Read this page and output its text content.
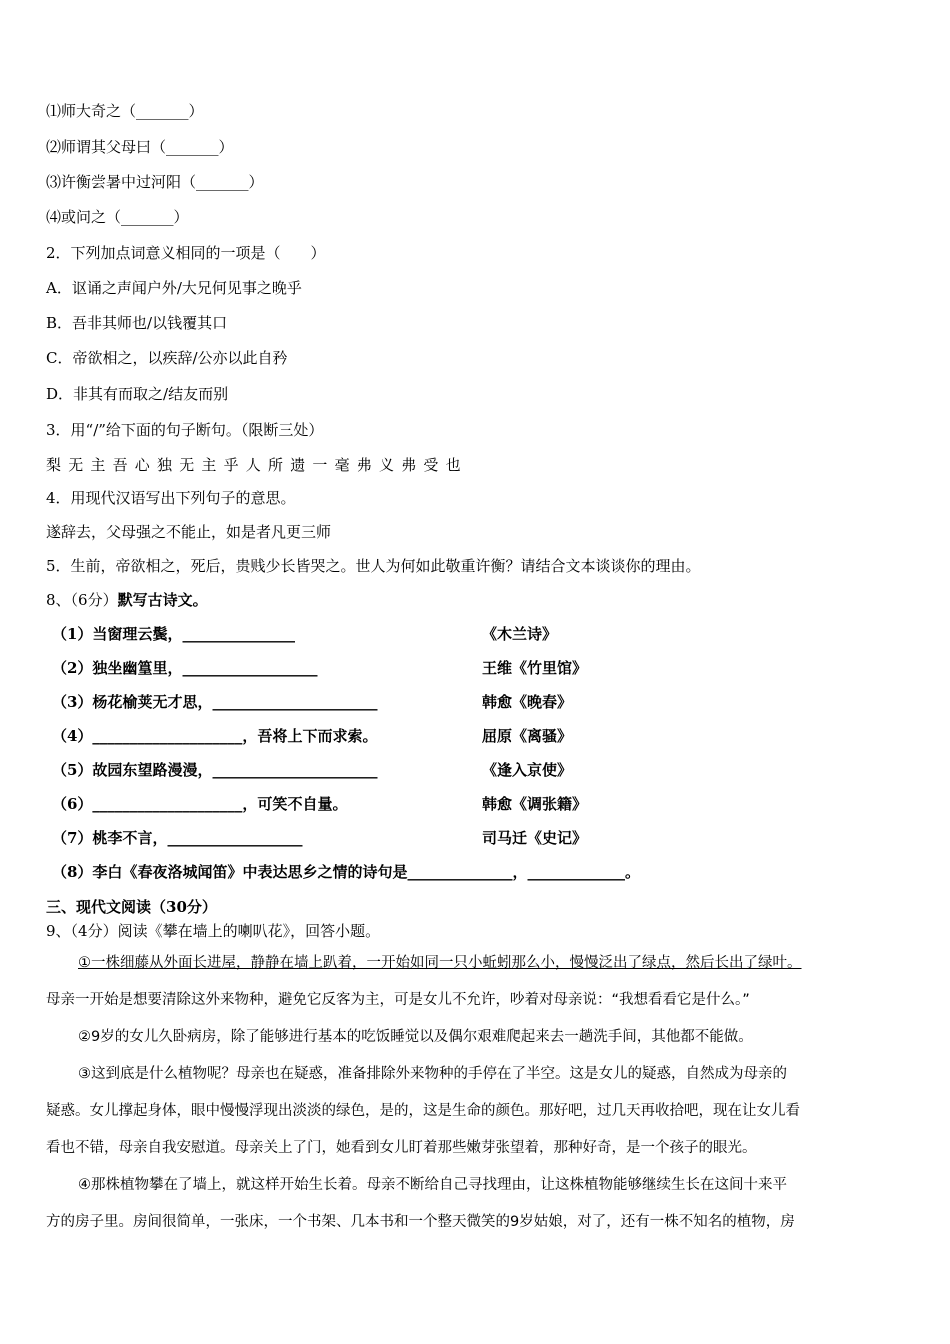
⑴师大奇之（_______）
⑵师谓其父母曰（_______）
⑶许衡尝暑中过河阳（_______）
⑷或问之（_______）
2．下列加点词意义相同的一项是（　　）
A．讴诵之声闻户外/大兄何见事之晚乎
B．吾非其师也/以钱覆其口
C．帝欲相之，以疾辞/公亦以此自矜
D．非其有而取之/结友而别
3．用“/”给下面的句子断句。（限断三处）
梨无主吾心独无主乎人所遗一毫弗义弗受也
4．用现代汉语写出下列句子的意思。
遂辞去，父母强之不能止，如是者凡更三师
5．生前，帝欲相之，死后，贵贱少长皆哭之。世人为何如此敬重许衡？请结合文本谈谈你的理由。
8、（6分）默写古诗文。
（1）当窗理云鬓，_______________	《木兰诗》
（2）独坐幽篁里，__________________	王维《竹里馆》
（3）杨花榆荚无才思，______________________	韩愈《晚春》
（4）____________________，吾将上下而求索。	屈原《离骚》
（5）故园东望路漫漫，______________________	《逢入京使》
（6）____________________，可笑不自量。	韩愈《调张籍》
（7）桃李不言，__________________	司马迁《史记》
（8）李白《春夜洛城闻笛》中表达思乡之情的诗句是______________，_____________。
三、现代文阅读（30分）
9、（4分）阅读《攀在墙上的喇叭花》，回答小题。
①一株细藤从外面长进屋，静静在墙上趴着，一开始如同一只小蚯蚓那么小，慢慢泛出了绿点，然后长出了绿叶。
母亲一开始是想要清除这外来物种，避免它反客为主，可是女儿不允许，吵着对母亲说：“我想看看它是什么。”
②9岁的女儿久卧病房，除了能够进行基本的吃饭睡觉以及偶尔艰难爬起来去一趟洗手间，其他都不能做。
③这到底是什么植物呢？母亲也在疑惑，准备排除外来物种的手停在了半空。这是女儿的疑惑，自然成为母亲的
疑惑。女儿撑起身体，眼中慢慢浮现出淡淡的绿色，是的，这是生命的颜色。那好吧，过几天再收拾吧，现在让女儿看
看也不错，母亲自我安慰道。母亲关上了门，她看到女儿盯着那些嫩芽张望着，那种好奇，是一个孩子的眼光。
④那株植物攀在了墙上，就这样开始生长着。母亲不断给自己寻找理由，让这株植物能够继续生长在这间十来平
方的房子里。房间很简单，一张床，一个书架、几本书和一个整天微笑的9岁姑娘，对了，还有一株不知名的植物，房
